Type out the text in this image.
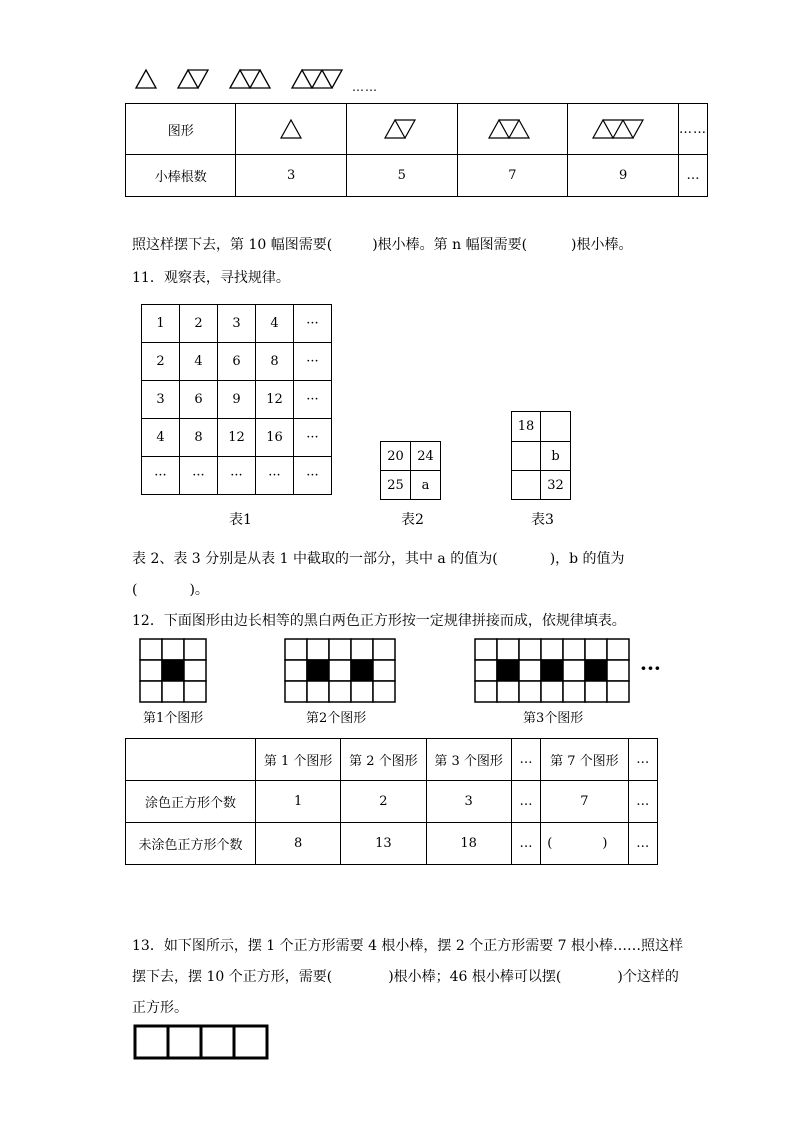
……
图形					……
小棒根数	3	5	7	9	…
照这样摆下去，第 10 幅图需要(	)根小棒。第 n 幅图需要(	)根小棒。
11．观察表，寻找规律。
1	2	3	4	···
2	4	6	8	···
3	6	9	12	···
4	8	12	16	···
···	···	···	···	···
20	24
25	a
18	
	b
	32
表1	表2	表3
表 2、表 3 分别是从表 1 中截取的一部分，其中 a 的值为(	)，b 的值为
(	)。
12．下面图形由边长相等的黑白两色正方形按一定规律拼接而成，依规律填表。
···
第1个图形	第2个图形	第3个图形
	第 1 个图形	第 2 个图形	第 3 个图形	…	第 7 个图形	…
涂色正方形个数	1	2	3	…	7	…
未涂色正方形个数	8	13	18	…	( )	…
13．如下图所示，摆 1 个正方形需要 4 根小棒，摆 2 个正方形需要 7 根小棒……照这样
摆下去，摆 10 个正方形，需要(	)根小棒；46 根小棒可以摆(	)个这样的
正方形。
